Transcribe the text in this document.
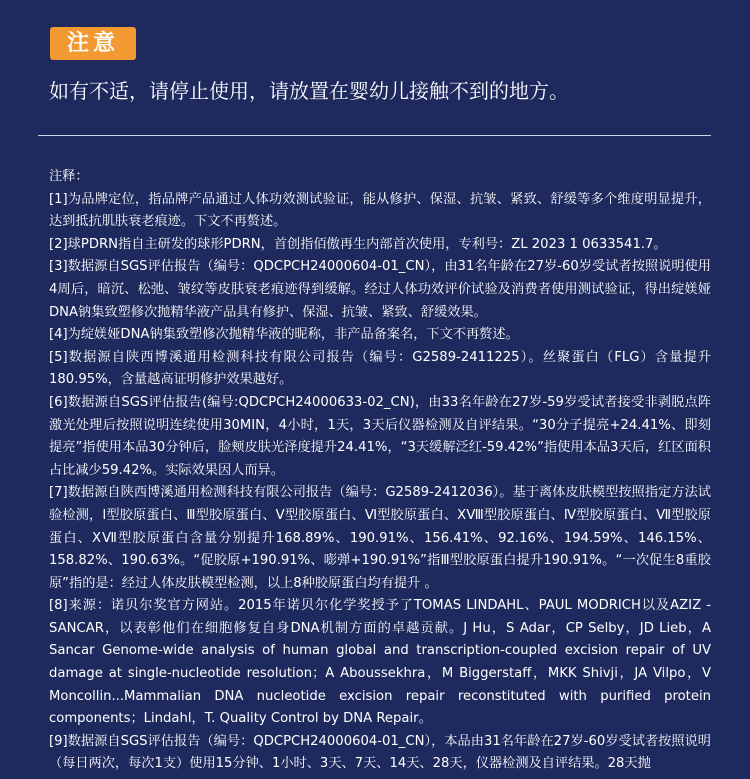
注意
如有不适，请停止使用，请放置在婴幼儿接触不到的地方。

注释：

[1]为品牌定位，指品牌产品通过人体功效测试验证，能从修护、保湿、抗皱、紧致、舒缓等多个维度明显提升，达到抵抗肌肤衰老痕迹。下文不再赘述。

[2]球PDRN指自主研发的球形PDRN，首创指佰傲再生内部首次使用，专利号：ZL 2023 1 0633541.7。

[3]数据源自SGS评估报告（编号：QDCPCH24000604-01_CN），由31名年龄在27岁-60岁受试者按照说明使用4周后，暗沉、松弛、皱纹等皮肤衰老痕迹得到缓解。经过人体功效评价试验及消费者使用测试验证，得出绽媄娅DNA钠集致塑修次抛精华液产品具有修护、保湿、抗皱、紧致、舒缓效果。

[4]为绽媄娅DNA钠集致塑修次抛精华液的昵称，非产品备案名，下文不再赘述。

[5]数据源自陕西博溪通用检测科技有限公司报告（编号：G2589-2411225）。丝聚蛋白（FLG）含量提升180.95%，含量越高证明修护效果越好。

[6]数据源自SGS评估报告(编号:QDCPCH24000633-02_CN)，由33名年龄在27岁-59岁受试者接受非剥脱点阵激光处理后按照说明连续使用30MIN，4小时，1天，3天后仪器检测及自评结果。“30分子提亮+24.41%、即刻提亮”指使用本品30分钟后，脸颊皮肤光泽度提升24.41%，“3天缓解泛红-59.42%”指使用本品3天后，红区面积占比减少59.42%。实际效果因人而异。

[7]数据源自陕西博溪通用检测科技有限公司报告（编号：G2589-2412036）。基于离体皮肤模型按照指定方法试验检测，Ⅰ型胶原蛋白、Ⅲ型胶原蛋白、Ⅴ型胶原蛋白、Ⅵ型胶原蛋白、XⅧ型胶原蛋白、Ⅳ型胶原蛋白、Ⅶ型胶原蛋白、XⅦ型胶原蛋白含量分别提升168.89%、190.91%、156.41%、92.16%、194.59%、146.15%、158.82%、190.63%。“促胶原+190.91%、嘭弹+190.91%”指Ⅲ型胶原蛋白提升190.91%。“一次促生8重胶原”指的是：经过人体皮肤模型检测，以上8种胶原蛋白均有提升 。

[8]来源：诺贝尔奖官方网站。2015年诺贝尔化学奖授予了TOMAS LINDAHL、PAUL MODRICH以及AZIZ - SANCAR，以表彰他们在细胞修复自身DNA机制方面的卓越贡献。J Hu，S Adar，CP Selby，JD Lieb，A Sancar Genome-wide analysis of human global and transcription-coupled excision repair of UV damage at single-nucleotide resolution；A Aboussekhra，M Biggerstaff，MKK Shivji，JA Vilpo，V Moncollin...Mammalian DNA nucleotide excision repair reconstituted with purified protein components；Lindahl，T. Quality Control by DNA Repair。

[9]数据源自SGS评估报告（编号：QDCPCH24000604-01_CN），本品由31名年龄在27岁-60岁受试者按照说明（每日两次，每次1支）使用15分钟、1小时、3天、7天、14天、28天，仪器检测及自评结果。28天抛
